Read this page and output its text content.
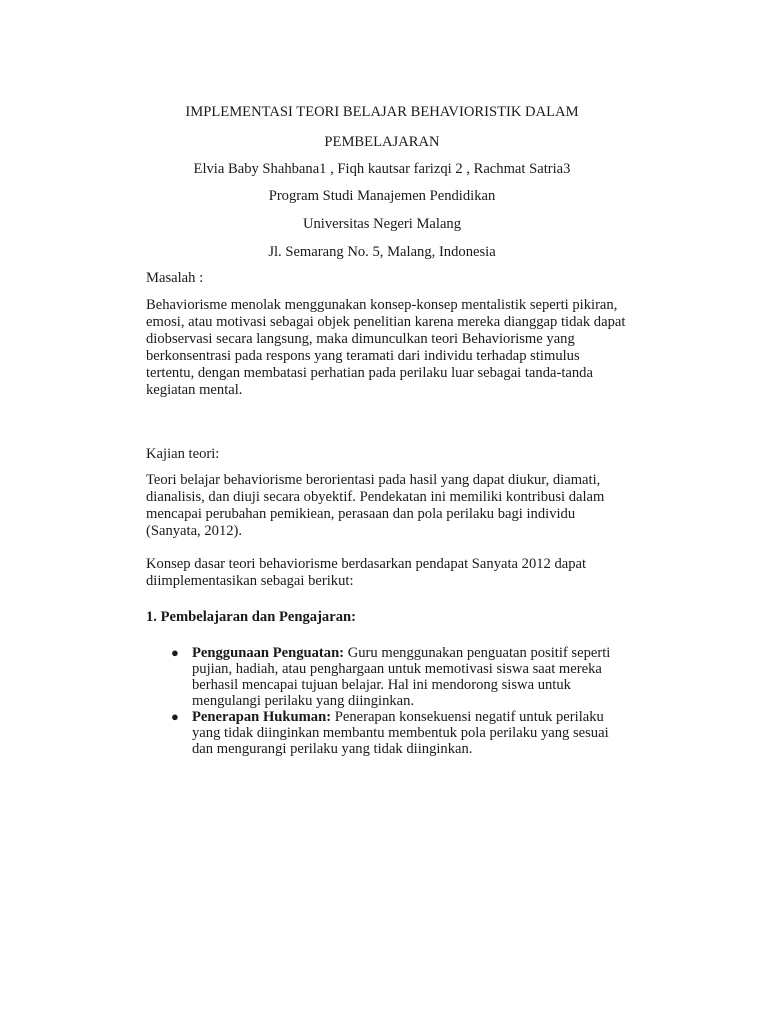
IMPLEMENTASI TEORI BELAJAR BEHAVIORISTIK DALAM
PEMBELAJARAN
Elvia Baby Shahbana1 , Fiqh kautsar farizqi 2 , Rachmat Satria3
Program Studi Manajemen Pendidikan
Universitas Negeri Malang
Jl. Semarang No. 5, Malang, Indonesia
Masalah :
Behaviorisme menolak menggunakan konsep-konsep mentalistik seperti pikiran,
emosi, atau motivasi sebagai objek penelitian karena mereka dianggap tidak dapat
diobservasi secara langsung, maka dimunculkan teori Behaviorisme yang
berkonsentrasi pada respons yang teramati dari individu terhadap stimulus
tertentu, dengan membatasi perhatian pada perilaku luar sebagai tanda-tanda
kegiatan mental.
Kajian teori:
Teori belajar behaviorisme berorientasi pada hasil yang dapat diukur, diamati,
dianalisis, dan diuji secara obyektif. Pendekatan ini memiliki kontribusi dalam
mencapai perubahan pemikiean, perasaan dan pola perilaku bagi individu
(Sanyata, 2012).
Konsep dasar teori behaviorisme berdasarkan pendapat Sanyata 2012 dapat
diimplementasikan sebagai berikut:
1. Pembelajaran dan Pengajaran:
● Penggunaan Penguatan: Guru menggunakan penguatan positif seperti
pujian, hadiah, atau penghargaan untuk memotivasi siswa saat mereka
berhasil mencapai tujuan belajar. Hal ini mendorong siswa untuk
mengulangi perilaku yang diinginkan.
● Penerapan Hukuman: Penerapan konsekuensi negatif untuk perilaku
yang tidak diinginkan membantu membentuk pola perilaku yang sesuai
dan mengurangi perilaku yang tidak diinginkan.
